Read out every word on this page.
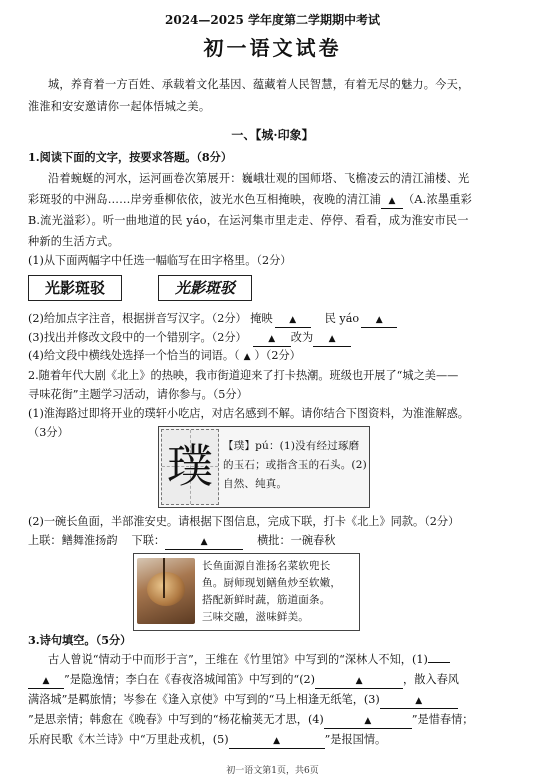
2024—2025 学年度第二学期期中考试
初一语文试卷
城，养育着一方百姓、承载着文化基因、蕴藏着人民智慧，有着无尽的魅力。今天，
淮淮和安安邀请你一起体悟城之美。
一、【城·印象】
1.阅读下面的文字，按要求答题。（8分）
沿着蜿蜒的河水，运河画卷次第展开：巍峨壮观的国师塔、飞檐凌云的清江浦楼、光
彩斑驳的中洲岛……岸旁垂柳依依，波光水色互相掩映，夜晚的清江浦 ▲ （A.浓墨重彩
B.流光溢彩）。听一曲地道的民 yáo，在运河集市里走走、停停、看看，成为淮安市民一
种新的生活方式。
(1)从下面两幅字中任选一幅临写在田字格里。（2分）
光影斑驳	光影斑驳
(2)给加点字注音，根据拼音写汉字。（2分） 掩映 ▲	民 yáo ▲
(3)找出并修改文段中的一个错别字。（2分） ▲ 改为 ▲
(4)给文段中横线处选择一个恰当的词语。（ ▲ ）（2分）
2.随着年代大剧《北上》的热映，我市街道迎来了打卡热潮。班级也开展了“城之美——
寻味花街”主题学习活动，请你参与。（5分）
(1)淮海路过即将开业的璞轩小吃店，对店名感到不解。请你结合下图资料，为淮淮解惑。
（3分）
璞 【璞】pú：(1)没有经过琢磨
的玉石；或指含玉的石头。(2)
自然、纯真。
(2)一碗长鱼面，半部淮安史。请根据下图信息，完成下联，打卡《北上》同款。（2分）
上联：鳝舞淮扬韵 下联：	▲	横批：一碗春秋
长鱼面源自淮扬名菜软兜长
鱼。厨师现划鳝鱼炒至软嫩，
搭配新鲜时蔬，筋道面条。
三味交融，滋味鲜美。
3.诗句填空。（5分）
古人曾说“情动于中而形于言”，王维在《竹里馆》中写到的“深林人不知，(1)
▲ ”是隐逸情；李白在《春夜洛城闻笛》中写到的“(2)	▲	，散入春风
满洛城”是羁旅情；岑参在《逢入京使》中写到的“马上相逢无纸笔，(3)	▲
”是思亲情；韩愈在《晚春》中写到的“杨花榆荚无才思，(4)	▲	”是惜春情；
乐府民歌《木兰诗》中“万里赴戎机，(5)	▲	”是报国情。
初一语文第1页，共6页
